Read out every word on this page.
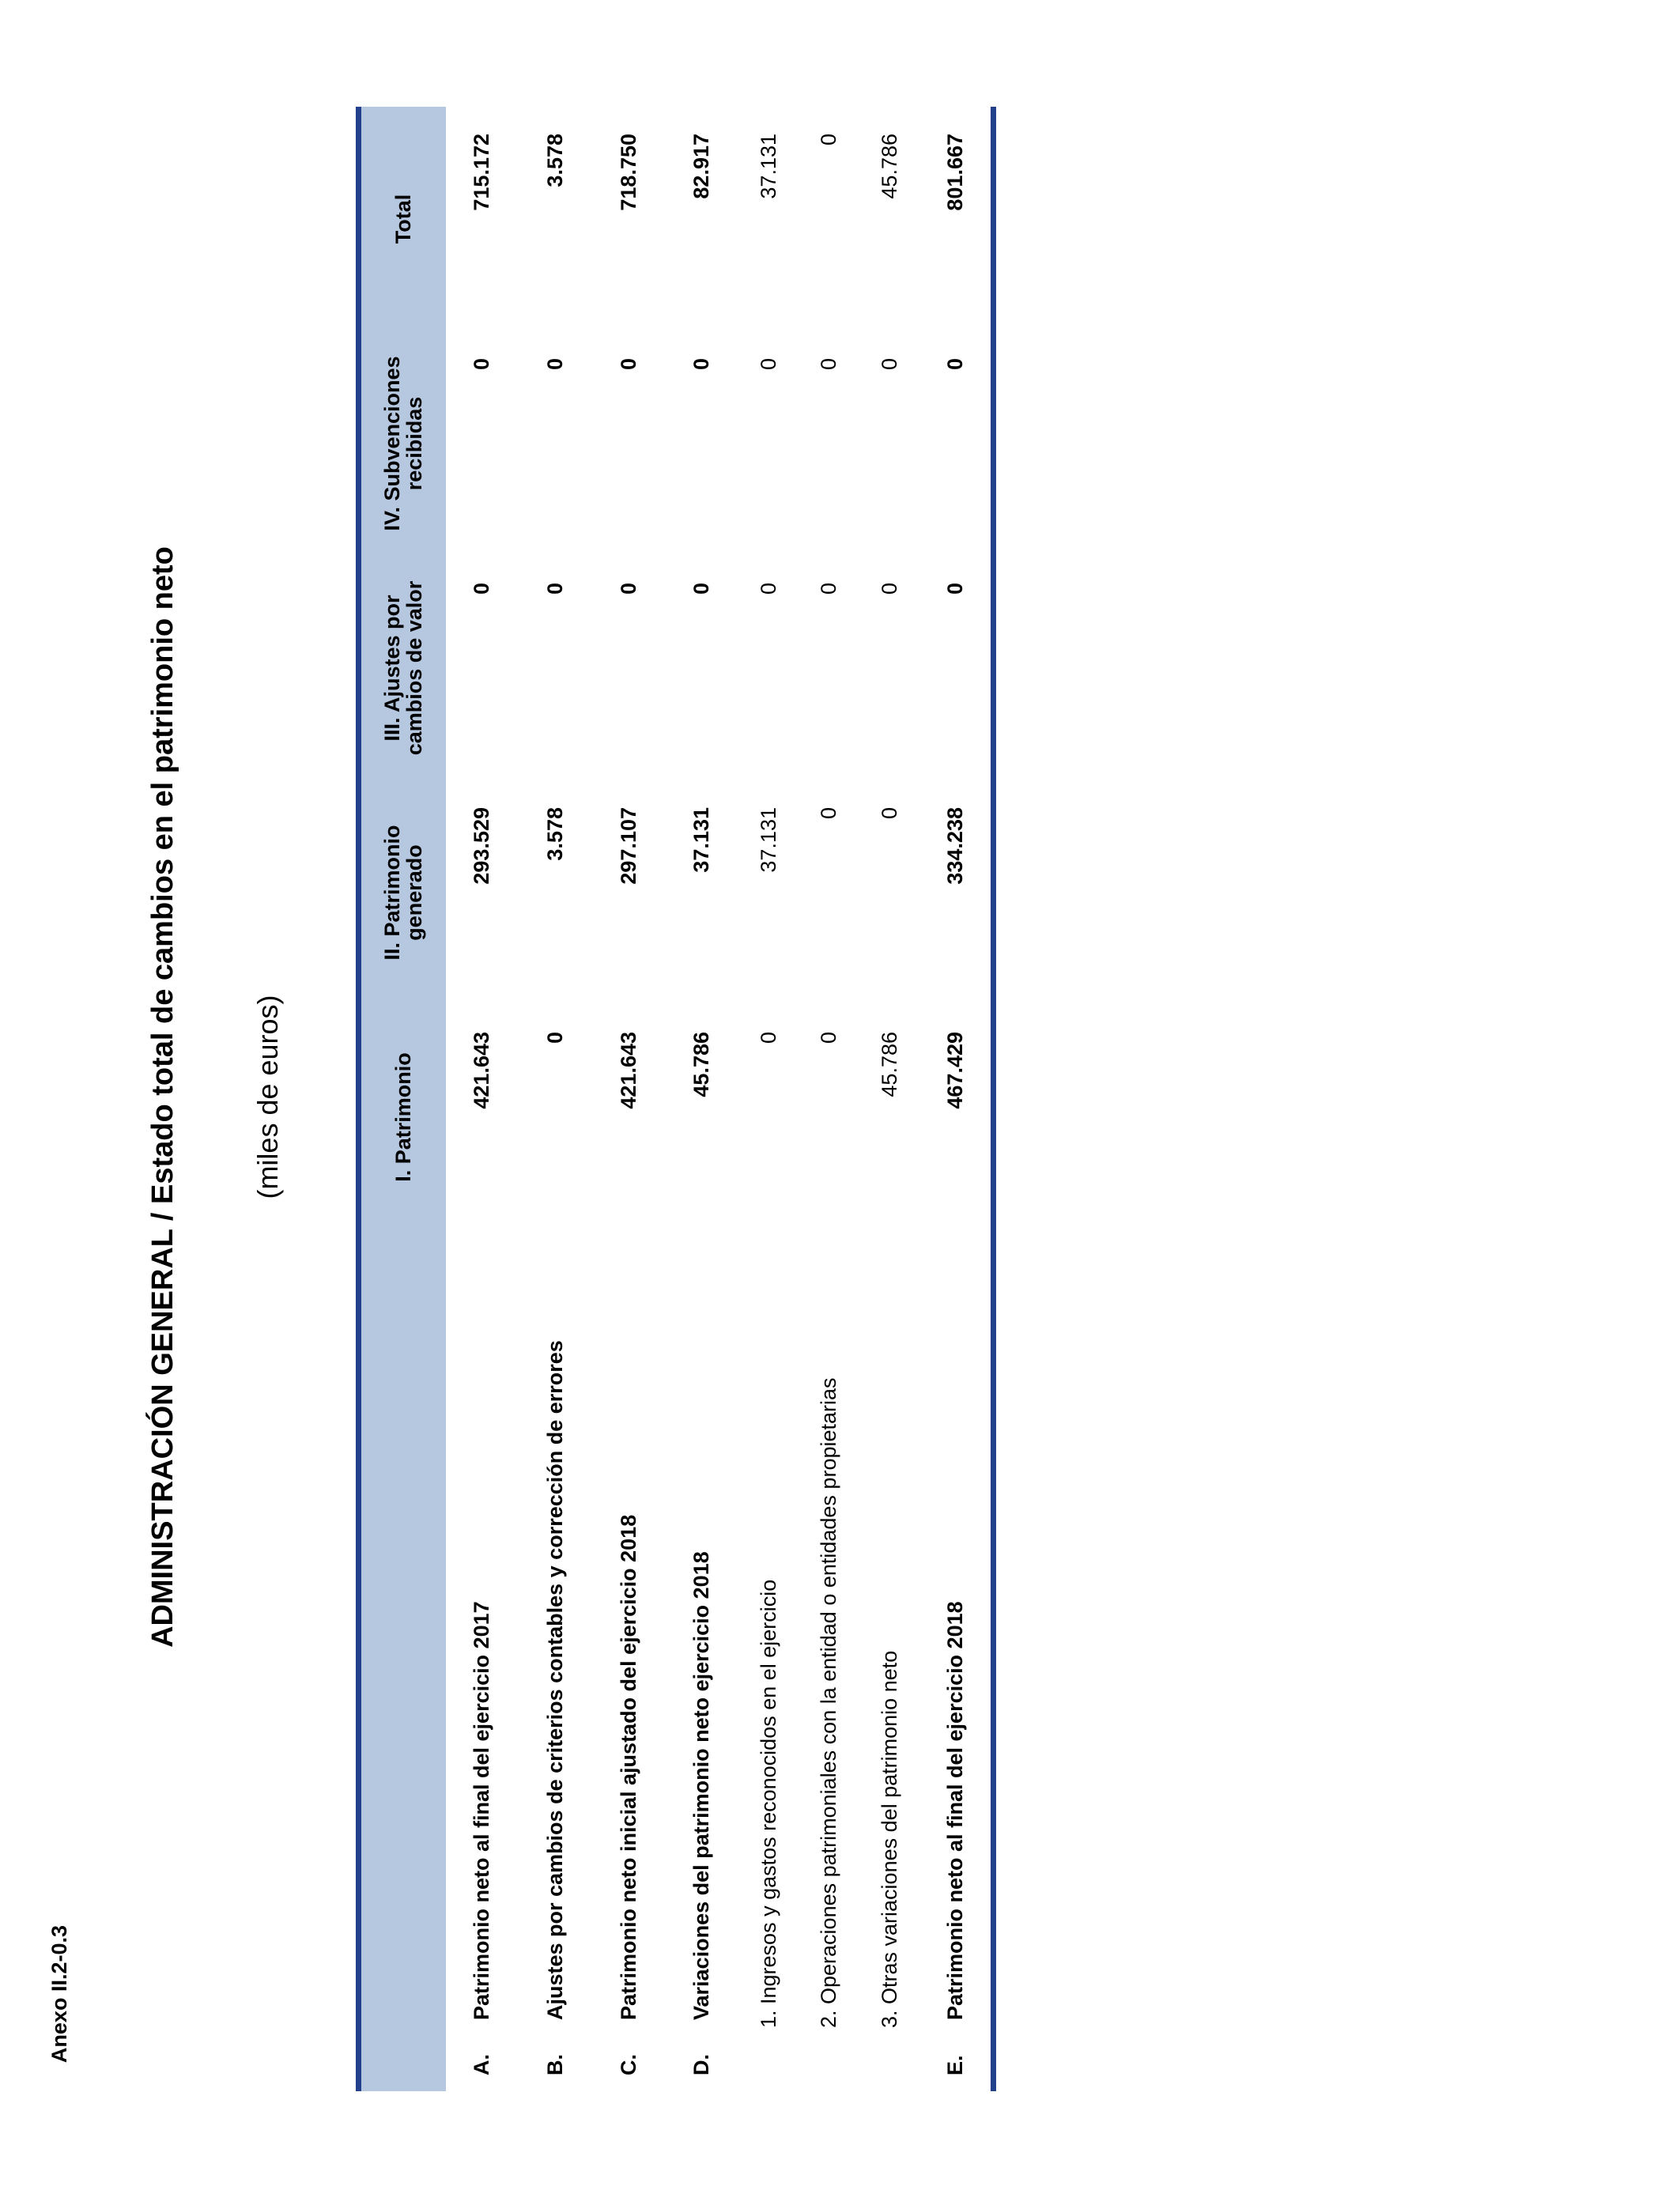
Anexo II.2-0.3
ADMINISTRACIÓN GENERAL / Estado total de cambios en el patrimonio neto	(miles de euros)
		I. Patrimonio	II. Patrimonio generado	III. Ajustes por cambios de valor	IV. Subvenciones recibidas	Total
A.Patrimonio neto al final del ejercicio 2017	421.643	293.529	0	0	715.172
B.Ajustes por cambios de criterios contables y corrección de errores	0	3.578	0	0	3.578
C.Patrimonio neto inicial ajustado del ejercicio 2018	421.643	297.107	0	0	718.750
D.Variaciones del patrimonio neto ejercicio 2018	45.786	37.131	0	0	82.917
1. Ingresos y gastos reconocidos en el ejercicio	0	37.131	0	0	37.131
2. Operaciones patrimoniales con la entidad o entidades propietarias	0	0	0	0	0
3. Otras variaciones del patrimonio neto	45.786	0	0	0	45.786
E.Patrimonio neto al final del ejercicio 2018	467.429	334.238	0	0	801.667
